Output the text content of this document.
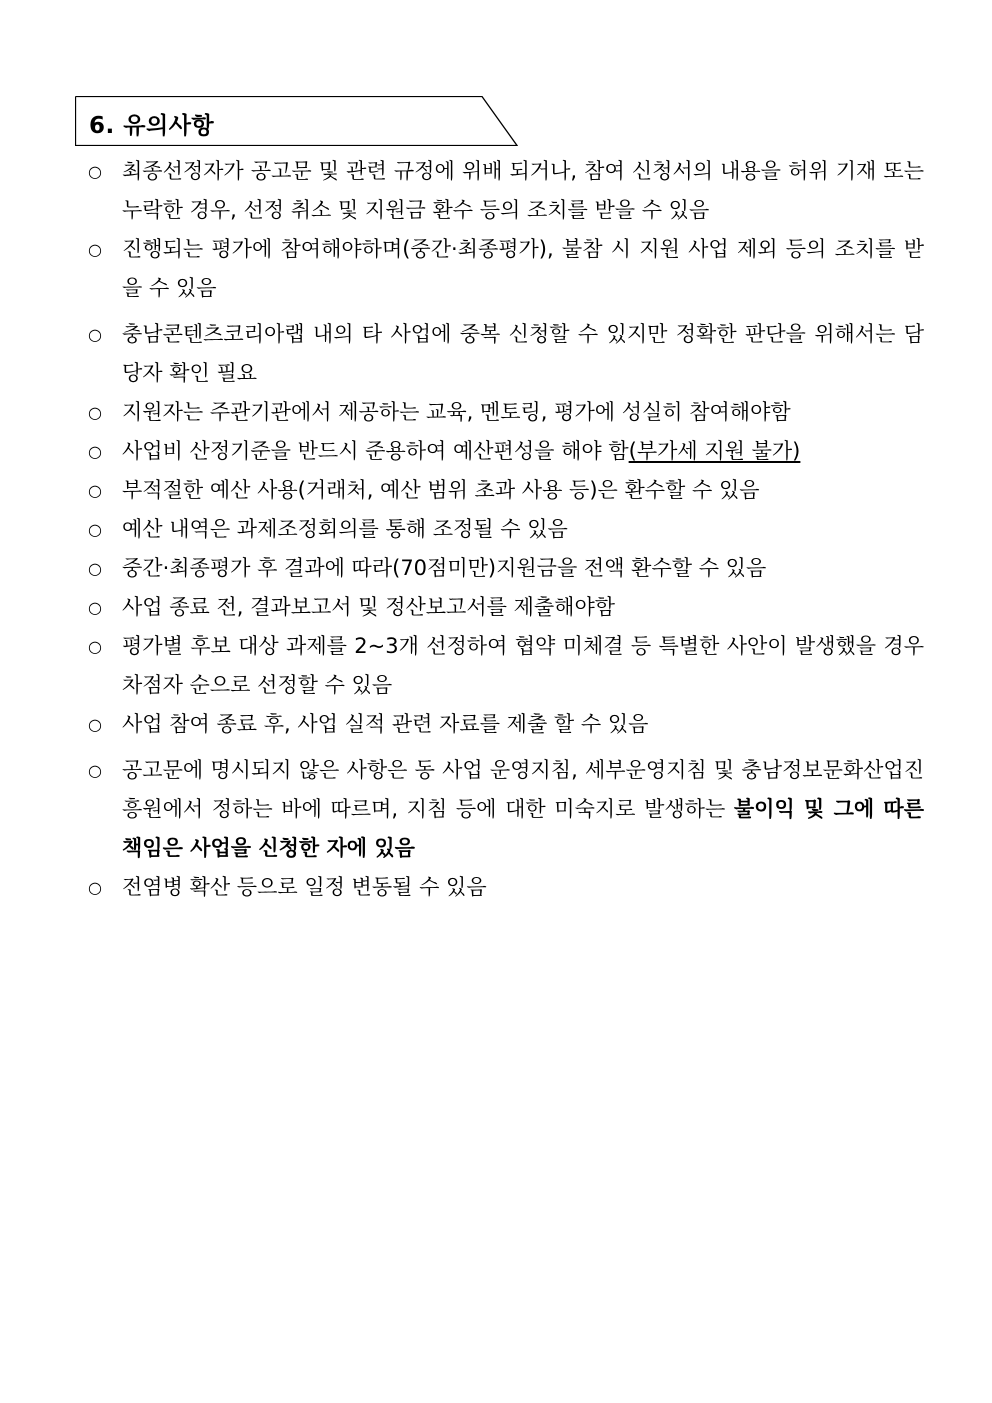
6. 유의사항
○ 최종선정자가 공고문 및 관련 규정에 위배 되거나, 참여 신청서의 내용을 허위 기재 또는 누락한 경우, 선정 취소 및 지원금 환수 등의 조치를 받을 수 있음
○ 진행되는 평가에 참여해야하며(중간·최종평가), 불참 시 지원 사업 제외 등의 조치를 받을 수 있음
○ 충남콘텐츠코리아랩 내의 타 사업에 중복 신청할 수 있지만 정확한 판단을 위해서는 담당자 확인 필요
○ 지원자는 주관기관에서 제공하는 교육, 멘토링, 평가에 성실히 참여해야함
○ 사업비 산정기준을 반드시 준용하여 예산편성을 해야 함(부가세 지원 불가)
○ 부적절한 예산 사용(거래처, 예산 범위 초과 사용 등)은 환수할 수 있음
○ 예산 내역은 과제조정회의를 통해 조정될 수 있음
○ 중간·최종평가 후 결과에 따라(70점미만)지원금을 전액 환수할 수 있음
○ 사업 종료 전, 결과보고서 및 정산보고서를 제출해야함
○ 평가별 후보 대상 과제를 2~3개 선정하여 협약 미체결 등 특별한 사안이 발생했을 경우 차점자 순으로 선정할 수 있음
○ 사업 참여 종료 후, 사업 실적 관련 자료를 제출 할 수 있음
○ 공고문에 명시되지 않은 사항은 동 사업 운영지침, 세부운영지침 및 충남정보문화산업진흥원에서 정하는 바에 따르며, 지침 등에 대한 미숙지로 발생하는 불이익 및 그에 따른 책임은 사업을 신청한 자에 있음
○ 전염병 확산 등으로 일정 변동될 수 있음
